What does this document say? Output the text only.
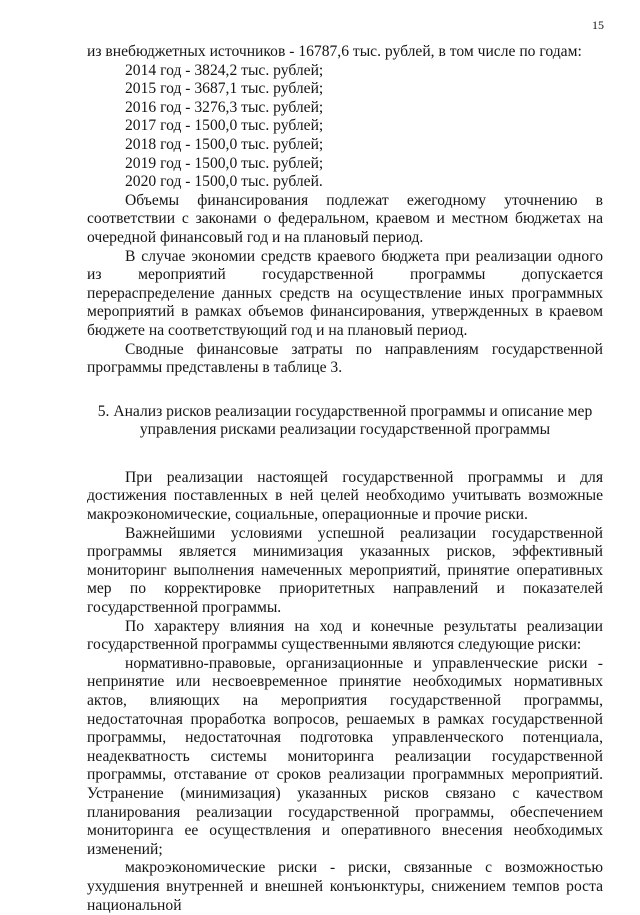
15

из внебюджетных источников - 16787,6 тыс. рублей, в том числе по годам:

2014 год - 3824,2 тыс. рублей;
2015 год - 3687,1 тыс. рублей;
2016 год - 3276,3 тыс. рублей;
2017 год - 1500,0 тыс. рублей;
2018 год - 1500,0 тыс. рублей;
2019 год - 1500,0 тыс. рублей;
2020 год - 1500,0 тыс. рублей.

Объемы финансирования подлежат ежегодному уточнению в соответствии с законами о федеральном, краевом и местном бюджетах на очередной финансовый год и на плановый период.

В случае экономии средств краевого бюджета при реализации одного из мероприятий государственной программы допускается перераспределение данных средств на осуществление иных программных мероприятий в рамках объемов финансирования, утвержденных в краевом бюджете на соответствующий год и на плановый период.

Сводные финансовые затраты по направлениям государственной программы представлены в таблице 3.

5. Анализ рисков реализации государственной программы и описание мер
управления рисками реализации государственной программы

При реализации настоящей государственной программы и для достижения поставленных в ней целей необходимо учитывать возможные макроэкономические, социальные, операционные и прочие риски.

Важнейшими условиями успешной реализации государственной программы является минимизация указанных рисков, эффективный мониторинг выполнения намеченных мероприятий, принятие оперативных мер по корректировке приоритетных направлений и показателей государственной программы.

По характеру влияния на ход и конечные результаты реализации государственной программы существенными являются следующие риски:

нормативно-правовые, организационные и управленческие риски - непринятие или несвоевременное принятие необходимых нормативных актов, влияющих на мероприятия государственной программы, недостаточная проработка вопросов, решаемых в рамках государственной программы, недостаточная подготовка управленческого потенциала, неадекватность системы мониторинга реализации государственной программы, отставание от сроков реализации программных мероприятий. Устранение (минимизация) указанных рисков связано с качеством планирования реализации государственной программы, обеспечением мониторинга ее осуществления и оперативного внесения необходимых изменений;

макроэкономические риски - риски, связанные с возможностью ухудшения внутренней и внешней конъюнктуры, снижением темпов роста национальной
